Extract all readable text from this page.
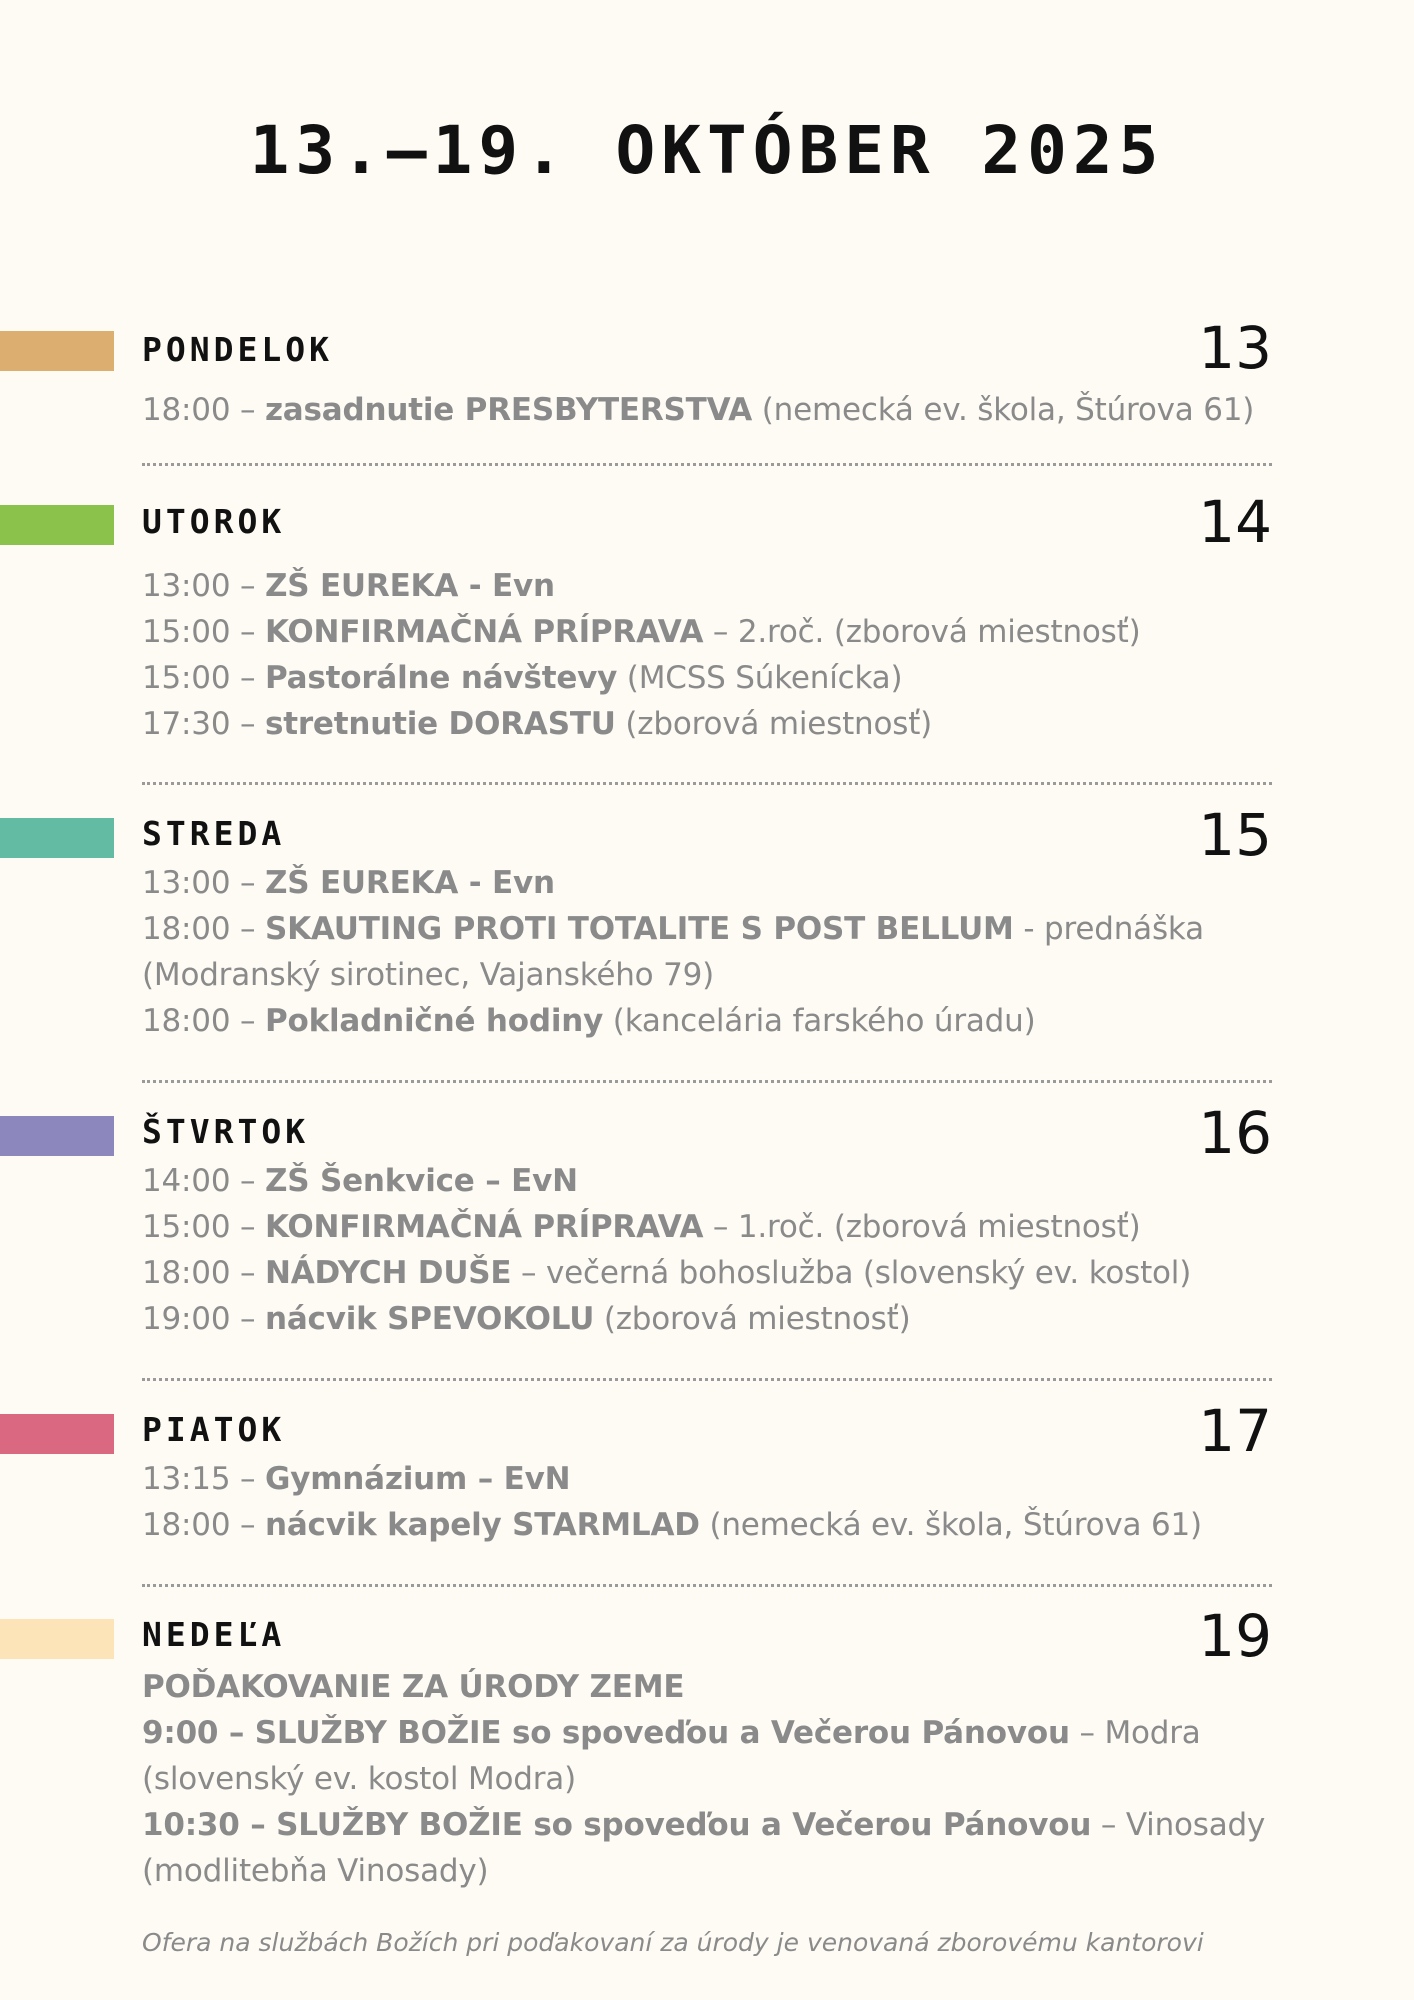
13.–19. OKTÓBER 2025
PONDELOK	13
18:00 – zasadnutie PRESBYTERSTVA (nemecká ev. škola, Štúrova 61)
UTOROK	14
13:00 – ZŠ EUREKA - Evn
15:00 – KONFIRMAČNÁ PRÍPRAVA – 2.roč. (zborová miestnosť)
15:00 – Pastorálne návštevy (MCSS Súkenícka)
17:30 – stretnutie DORASTU (zborová miestnosť)
STREDA	15
13:00 – ZŠ EUREKA - Evn
18:00 – SKAUTING PROTI TOTALITE S POST BELLUM - prednáška
(Modranský sirotinec, Vajanského 79)
18:00 – Pokladničné hodiny (kancelária farského úradu)
ŠTVRTOK	16
14:00 – ZŠ Šenkvice – EvN
15:00 – KONFIRMAČNÁ PRÍPRAVA – 1.roč. (zborová miestnosť)
18:00 – NÁDYCH DUŠE – večerná bohoslužba (slovenský ev. kostol)
19:00 – nácvik SPEVOKOLU (zborová miestnosť)
PIATOK	17
13:15 – Gymnázium – EvN
18:00 – nácvik kapely STARMLAD (nemecká ev. škola, Štúrova 61)
NEDEĽA	19
POĎAKOVANIE ZA ÚRODY ZEME
9:00 – SLUŽBY BOŽIE so spoveďou a Večerou Pánovou – Modra
(slovenský ev. kostol Modra)
10:30 – SLUŽBY BOŽIE so spoveďou a Večerou Pánovou – Vinosady
(modlitebňa Vinosady)
Ofera na službách Božích pri poďakovaní za úrody je venovaná zborovému kantorovi
